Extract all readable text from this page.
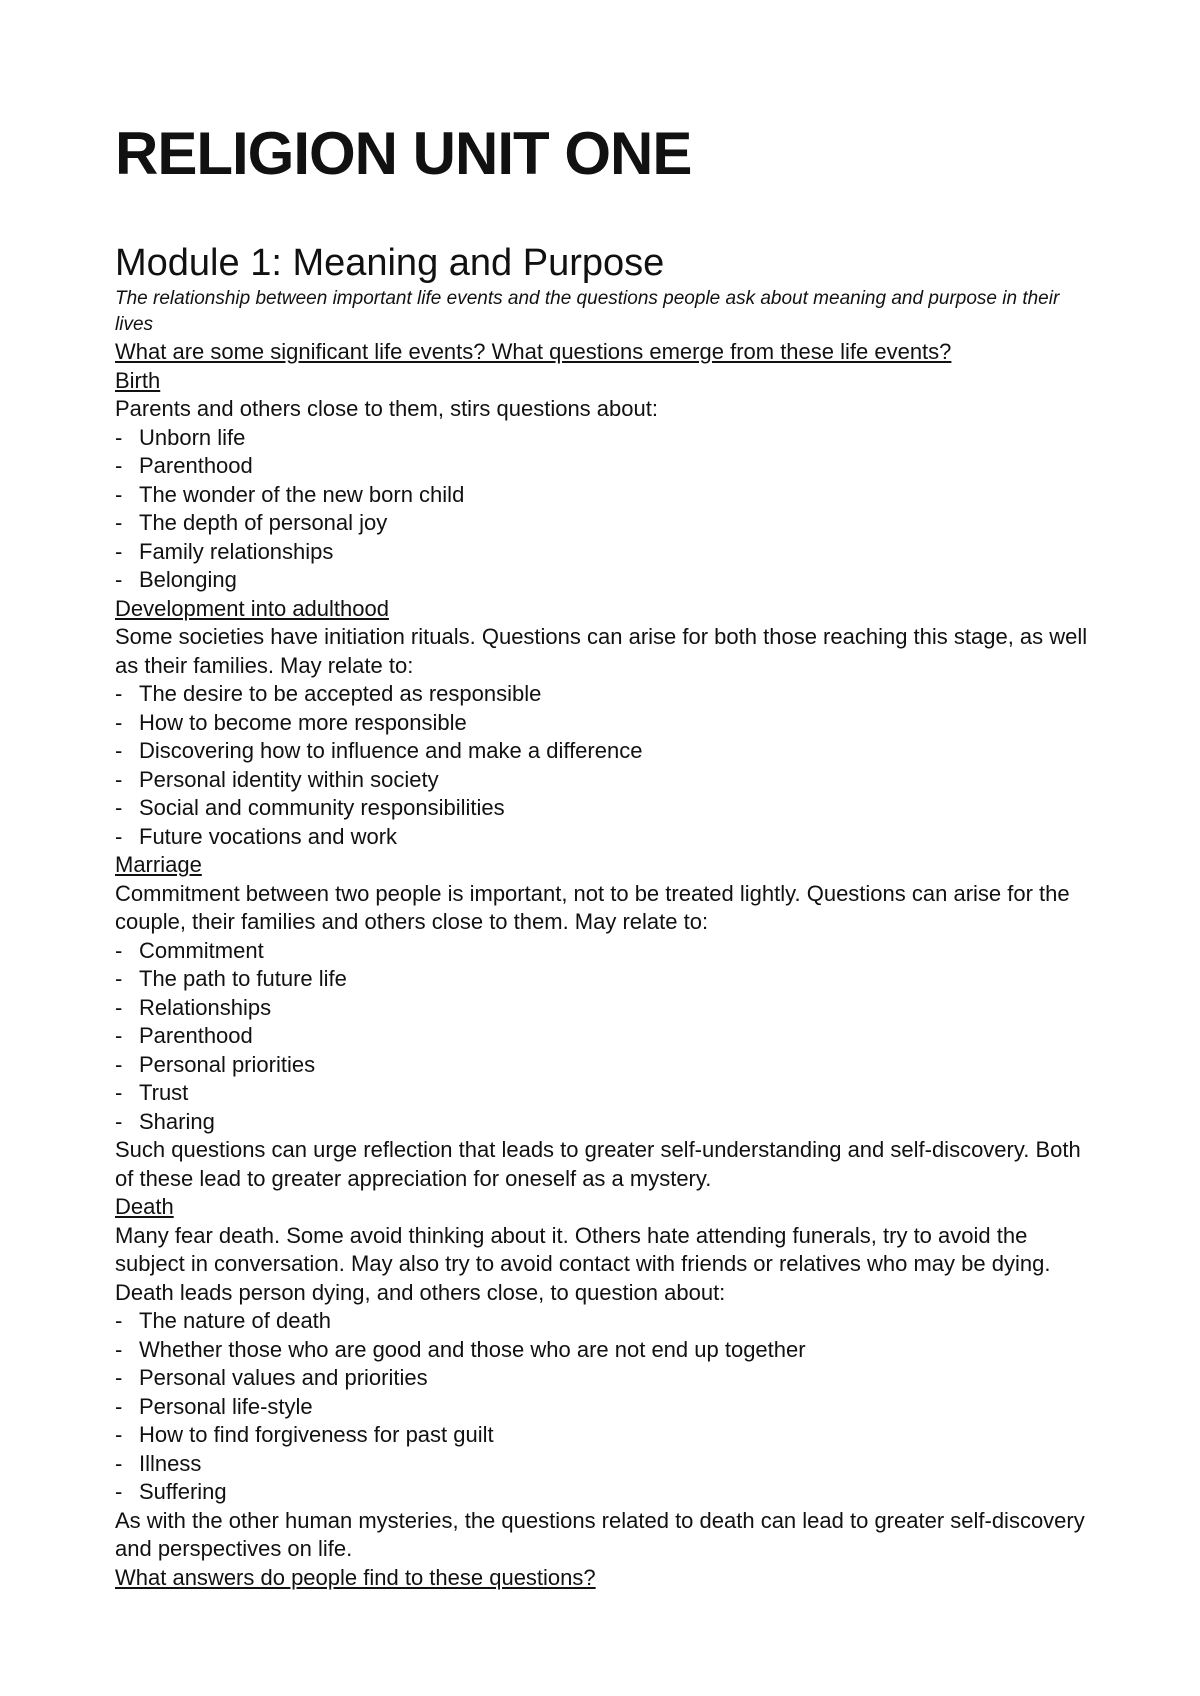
RELIGION UNIT ONE
Module 1: Meaning and Purpose

The relationship between important life events and the questions people ask about meaning and purpose in their lives

What are some significant life events? What questions emerge from these life events?

Birth

Parents and others close to them, stirs questions about:

- Unborn life
- Parenthood
- The wonder of the new born child
- The depth of personal joy
- Family relationships
- Belonging

Development into adulthood

Some societies have initiation rituals. Questions can arise for both those reaching this stage, as well as their families. May relate to:

- The desire to be accepted as responsible
- How to become more responsible
- Discovering how to influence and make a difference
- Personal identity within society
- Social and community responsibilities
- Future vocations and work

Marriage

Commitment between two people is important, not to be treated lightly. Questions can arise for the couple, their families and others close to them. May relate to:

- Commitment
- The path to future life
- Relationships
- Parenthood
- Personal priorities
- Trust
- Sharing

Such questions can urge reflection that leads to greater self-understanding and self-discovery. Both of these lead to greater appreciation for oneself as a mystery.

Death

Many fear death. Some avoid thinking about it. Others hate attending funerals, try to avoid the subject in conversation. May also try to avoid contact with friends or relatives who may be dying. Death leads person dying, and others close, to question about:

- The nature of death
- Whether those who are good and those who are not end up together
- Personal values and priorities
- Personal life-style
- How to find forgiveness for past guilt
- Illness
- Suffering

As with the other human mysteries, the questions related to death can lead to greater self-discovery and perspectives on life.

What answers do people find to these questions?
